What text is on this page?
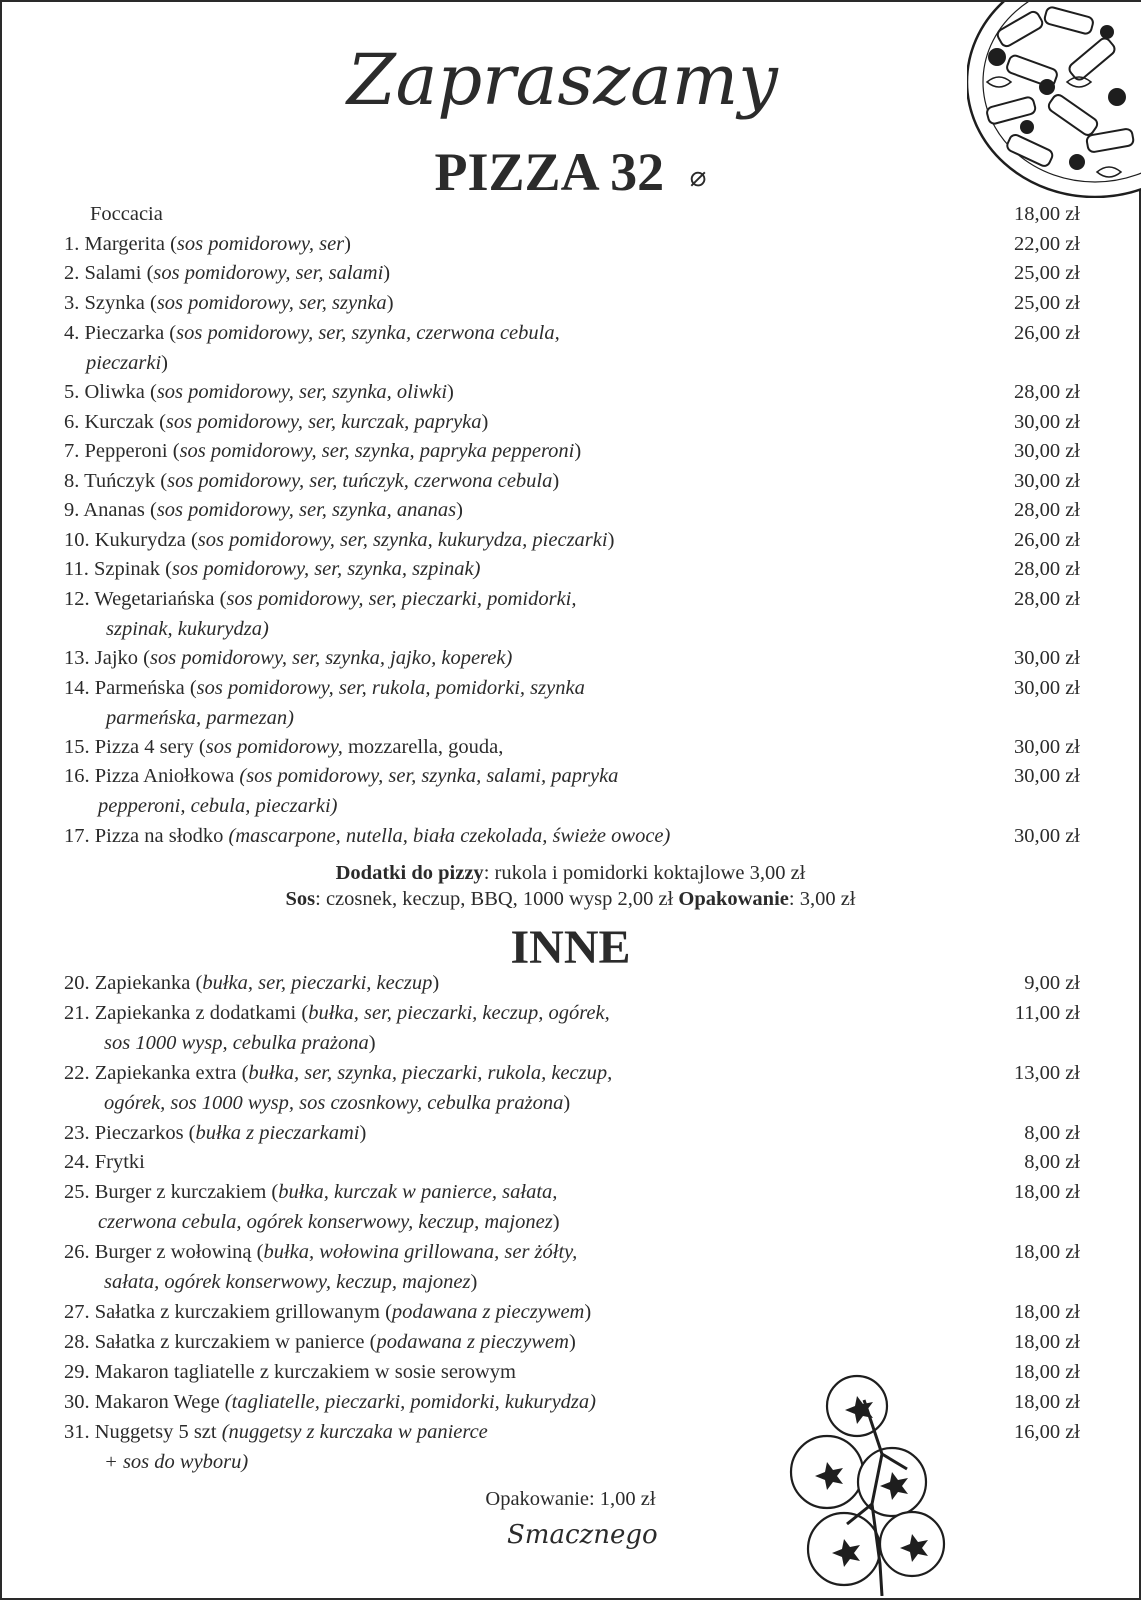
Zapraszamy
PIZZA 32 ⌀
Foccacia	18,00 zł
1. Margerita (sos pomidorowy, ser)	22,00 zł
2. Salami (sos pomidorowy, ser, salami)	25,00 zł
3. Szynka (sos pomidorowy, ser, szynka)	25,00 zł
4. Pieczarka (sos pomidorowy, ser, szynka, czerwona cebula,
pieczarki)
26,00 zł
5. Oliwka (sos pomidorowy, ser, szynka, oliwki)	28,00 zł
6. Kurczak (sos pomidorowy, ser, kurczak, papryka)	30,00 zł
7. Pepperoni (sos pomidorowy, ser, szynka, papryka pepperoni)	30,00 zł
8. Tuńczyk (sos pomidorowy, ser, tuńczyk, czerwona cebula)	30,00 zł
9. Ananas (sos pomidorowy, ser, szynka, ananas)	28,00 zł
10. Kukurydza (sos pomidorowy, ser, szynka, kukurydza, pieczarki)	26,00 zł
11. Szpinak (sos pomidorowy, ser, szynka, szpinak)	28,00 zł
12. Wegetariańska (sos pomidorowy, ser, pieczarki, pomidorki,
szpinak, kukurydza)
28,00 zł
13. Jajko (sos pomidorowy, ser, szynka, jajko, koperek)	30,00 zł
14. Parmeńska (sos pomidorowy, ser, rukola, pomidorki, szynka
parmeńska, parmezan)
30,00 zł
15. Pizza 4 sery (sos pomidorowy, mozzarella, gouda,	30,00 zł
16. Pizza Aniołkowa (sos pomidorowy, ser, szynka, salami, papryka
pepperoni, cebula, pieczarki)
30,00 zł
17. Pizza na słodko (mascarpone, nutella, biała czekolada, świeże owoce)	30,00 zł
Dodatki do pizzy: rukola i pomidorki koktajlowe 3,00 zł
Sos: czosnek, keczup, BBQ, 1000 wysp 2,00 zł Opakowanie: 3,00 zł
INNE
20. Zapiekanka (bułka, ser, pieczarki, keczup)	9,00 zł
21. Zapiekanka z dodatkami (bułka, ser, pieczarki, keczup, ogórek,
sos 1000 wysp, cebulka prażona)
11,00 zł
22. Zapiekanka extra (bułka, ser, szynka, pieczarki, rukola, keczup,
ogórek, sos 1000 wysp, sos czosnkowy, cebulka prażona)
13,00 zł
23. Pieczarkos (bułka z pieczarkami)	8,00 zł
24. Frytki	8,00 zł
25. Burger z kurczakiem (bułka, kurczak w panierce, sałata,
czerwona cebula, ogórek konserwowy, keczup, majonez)
18,00 zł
26. Burger z wołowiną (bułka, wołowina grillowana, ser żółty,
sałata, ogórek konserwowy, keczup, majonez)
18,00 zł
27. Sałatka z kurczakiem grillowanym (podawana z pieczywem)	18,00 zł
28. Sałatka z kurczakiem w panierce (podawana z pieczywem)	18,00 zł
29. Makaron tagliatelle z kurczakiem w sosie serowym	18,00 zł
30. Makaron Wege (tagliatelle, pieczarki, pomidorki, kukurydza)	18,00 zł
31. Nuggetsy 5 szt (nuggetsy z kurczaka w panierce
+ sos do wyboru)
16,00 zł
Opakowanie: 1,00 zł
Smacznego
